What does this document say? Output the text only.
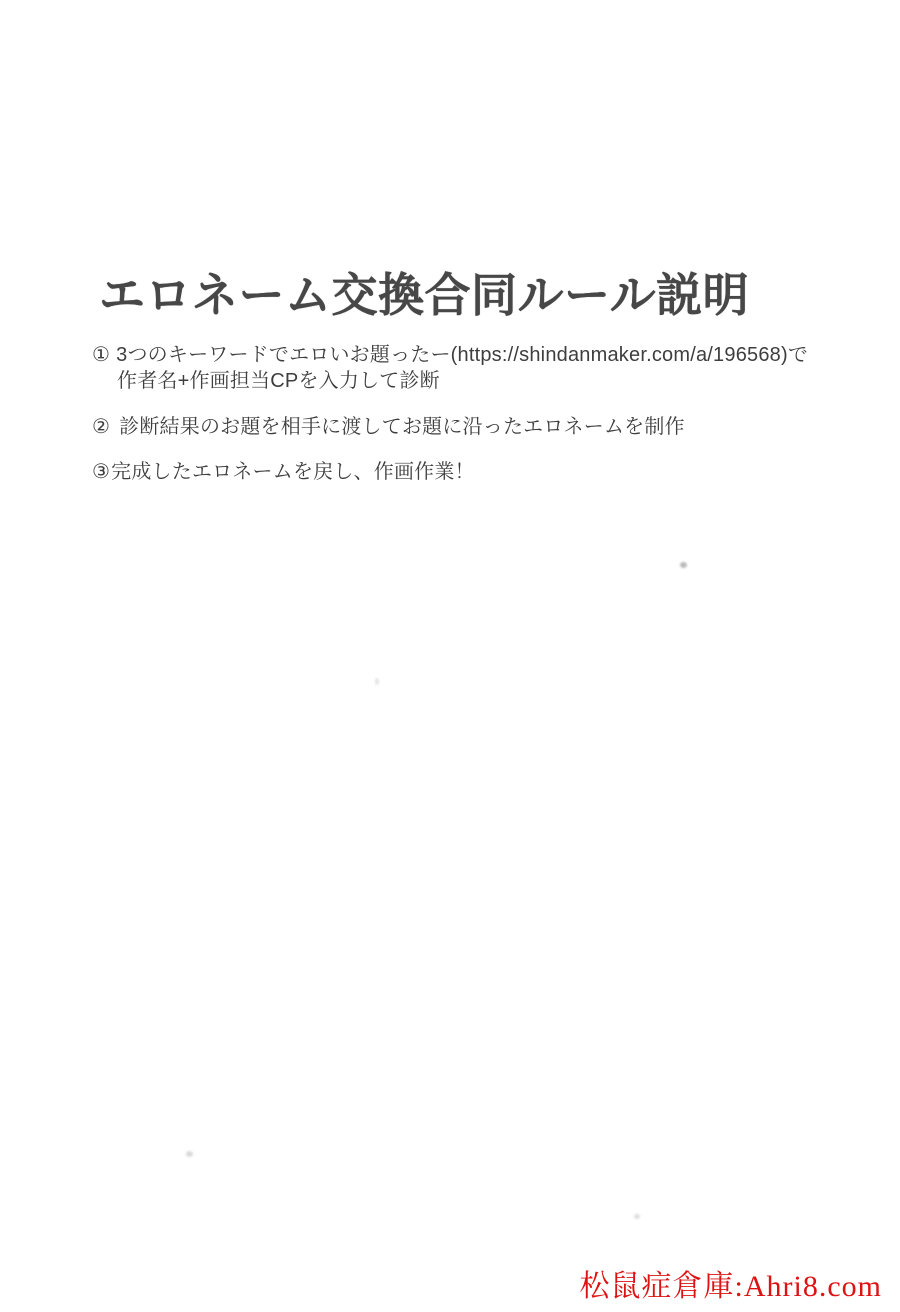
エロネーム交換合同ルール説明
① 3つのキーワードでエロいお題ったー(https://shindanmaker.com/a/196568)で
作者名+作画担当CPを入力して診断
② 診断結果のお題を相手に渡してお題に沿ったエロネームを制作
③完成したエロネームを戻し、作画作業！
松鼠症倉庫:Ahri8.com
